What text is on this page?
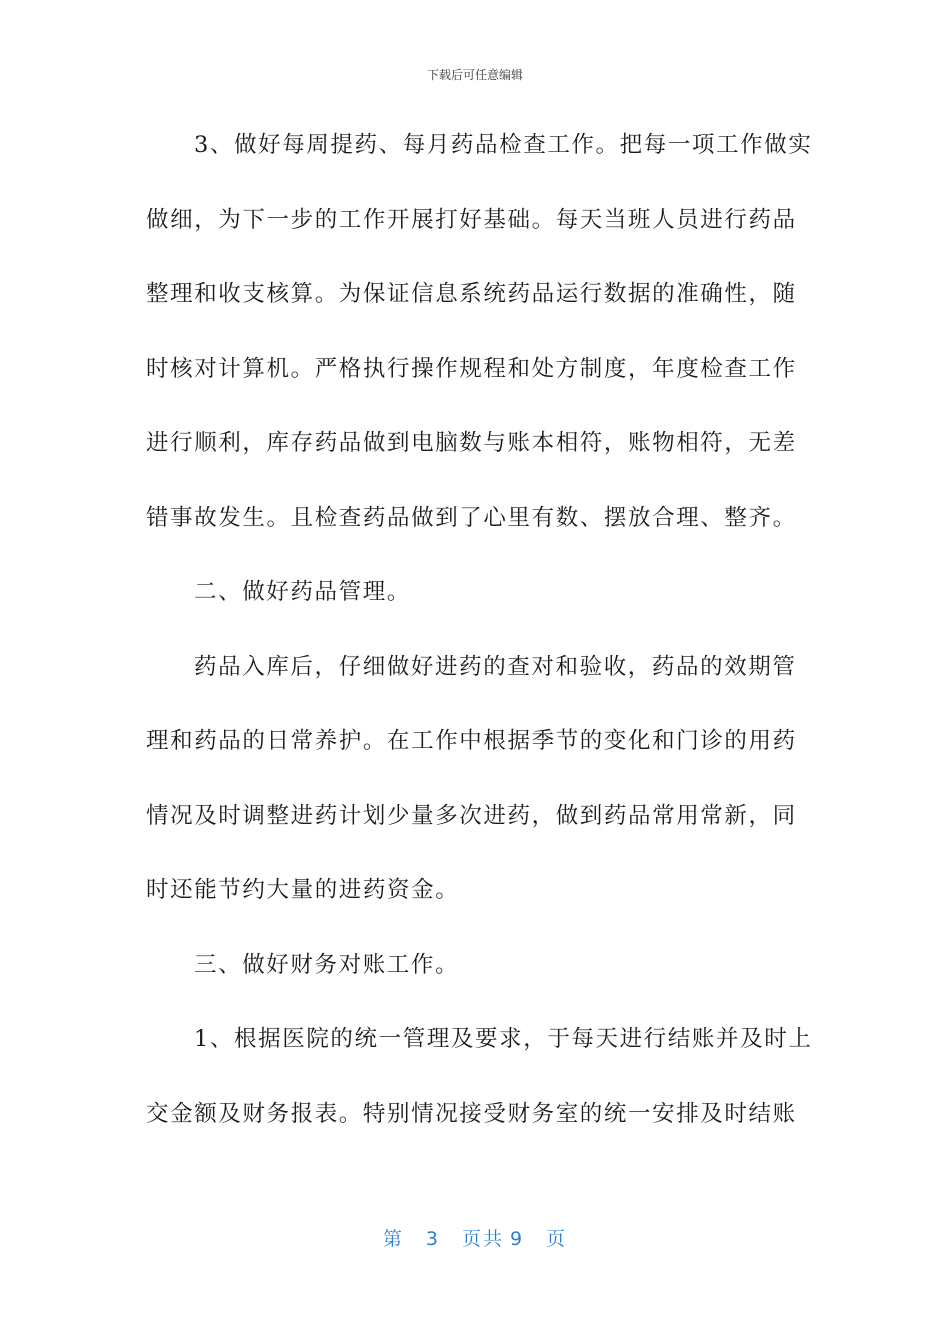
下载后可任意编辑
3、做好每周提药、每月药品检查工作。把每一项工作做实
做细，为下一步的工作开展打好基础。每天当班人员进行药品
整理和收支核算。为保证信息系统药品运行数据的准确性，随
时核对计算机。严格执行操作规程和处方制度，年度检查工作
进行顺利，库存药品做到电脑数与账本相符，账物相符，无差
错事故发生。且检查药品做到了心里有数、摆放合理、整齐。
二、做好药品管理。
药品入库后，仔细做好进药的查对和验收，药品的效期管
理和药品的日常养护。在工作中根据季节的变化和门诊的用药
情况及时调整进药计划少量多次进药，做到药品常用常新，同
时还能节约大量的进药资金。
三、做好财务对账工作。
1、根据医院的统一管理及要求，于每天进行结账并及时上
交金额及财务报表。特别情况接受财务室的统一安排及时结账
第 3 页共 9 页
